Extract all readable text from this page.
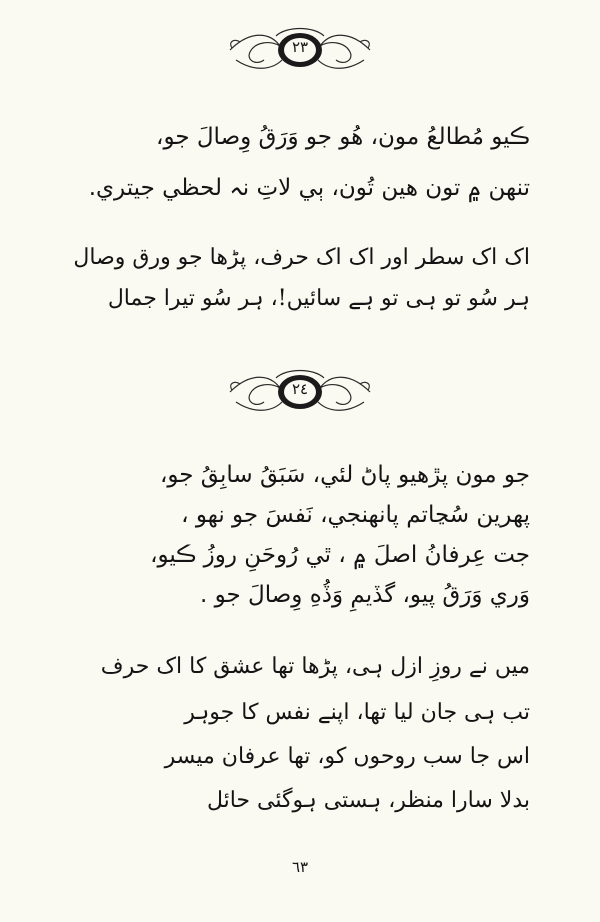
٢٣
ڪيو مُطالعُ مون، هُو جو وَرَقُ وِصالَ جو،
تنهن ۾ تون هين تُون، ٻي لاتِ نہ لحظي جيتري.
اک اک سطر اور اک اک حرف، پڑھا جو ورق وصال
ہر سُو تو ہی تو ہے سائیں!، ہر سُو تیرا جمال
٢٤
جو مون پڙهيو پاڻ لئي، سَبَقُ سابِقُ جو،
پهرين سُڃاتم پانهنجي، نَفسَ جو نهو ،
جت عِرفانُ اصلَ ۾ ، ٿي رُوحَنِ روزُ ڪيو،
وَري وَرَقُ پيو، گڏيمِ وَڏُهِ وِصالَ جو .
میں نے روزِ ازل ہی، پڑھا تھا عشق کا اک حرف
تب ہی جان لیا تھا، اپنے نفس کا جوہر
اس جا سب روحوں کو، تھا عرفان میسر
بدلا سارا منظر، ہستی ہوگئی حائل
٦٣
